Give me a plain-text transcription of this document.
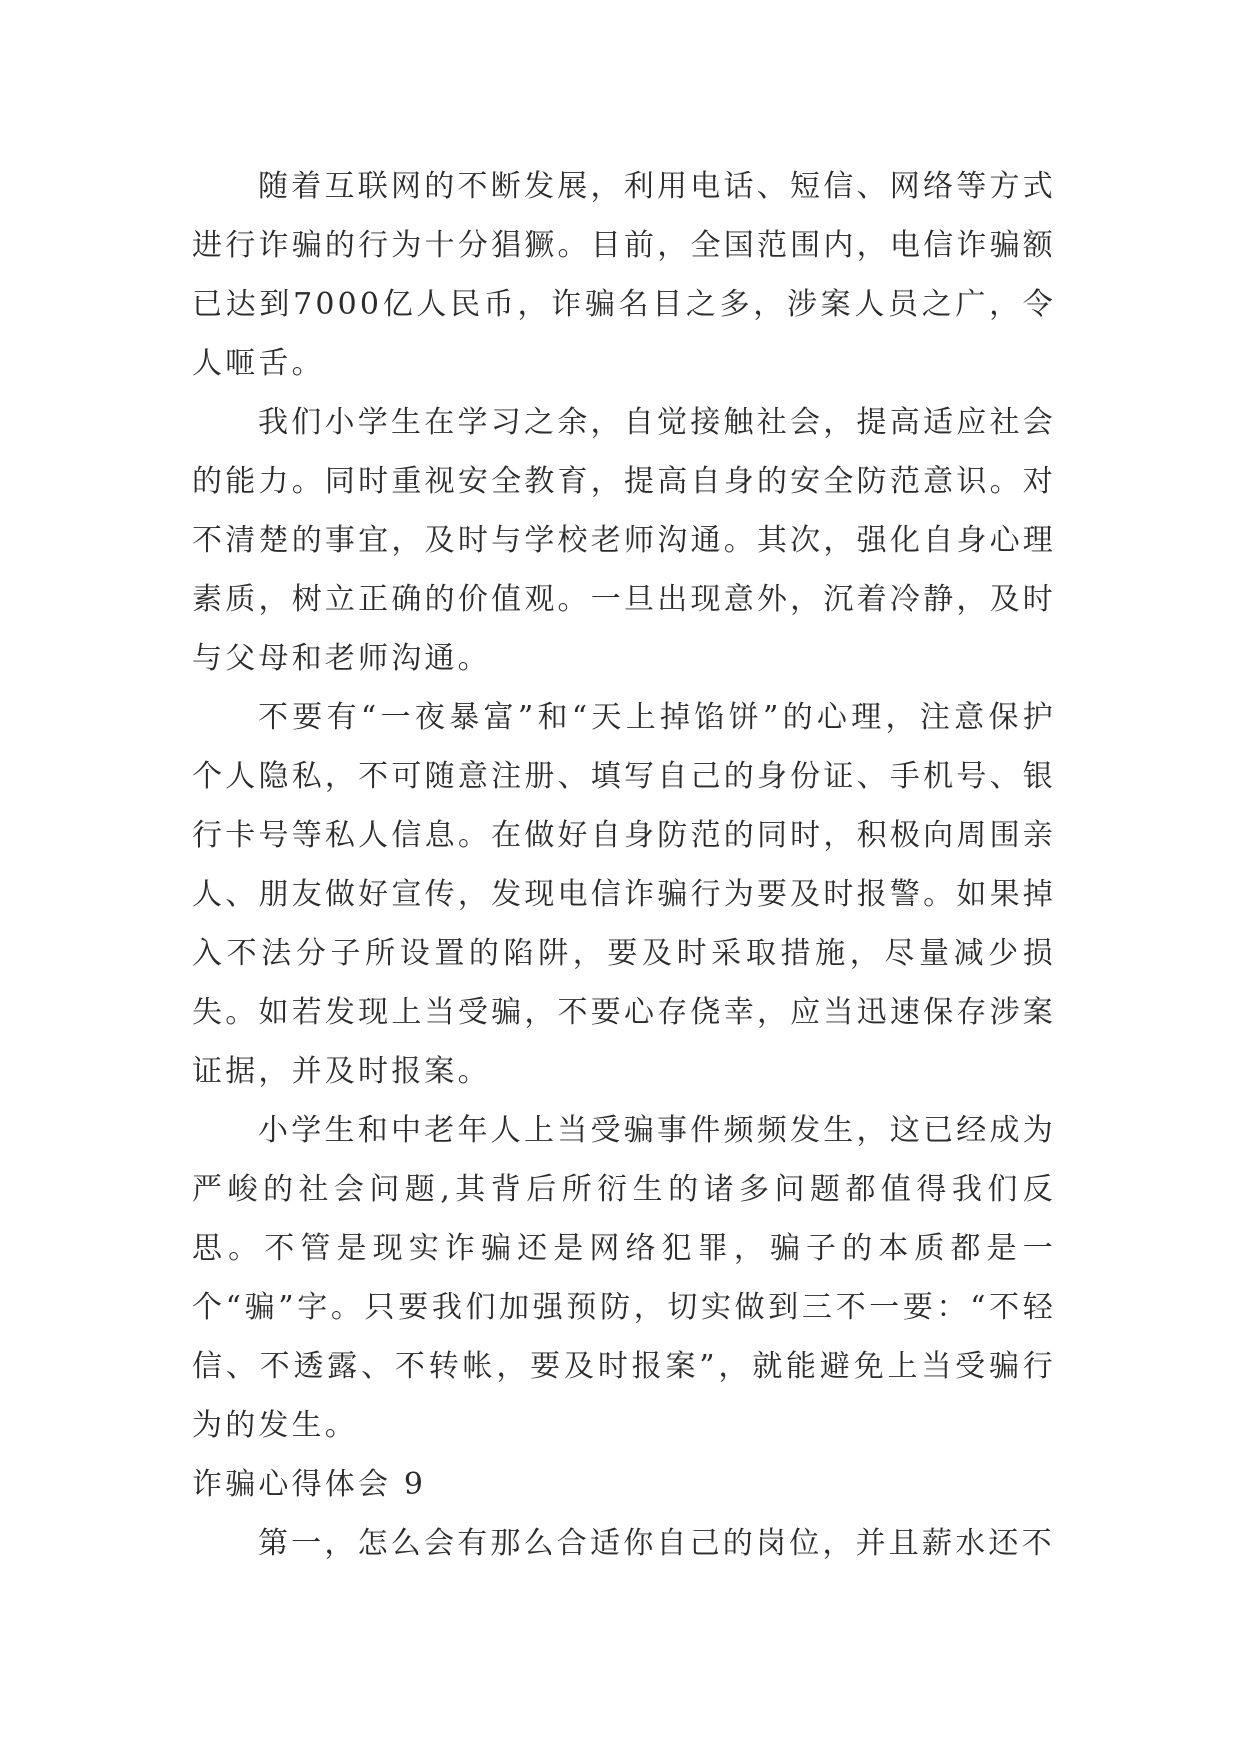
随着互联网的不断发展，利用电话、短信、网络等方式进行诈骗的行为十分猖獗。目前，全国范围内，电信诈骗额已达到7000亿人民币，诈骗名目之多，涉案人员之广，令人咂舌。

我们小学生在学习之余，自觉接触社会，提高适应社会的能力。同时重视安全教育，提高自身的安全防范意识。对不清楚的事宜，及时与学校老师沟通。其次，强化自身心理素质，树立正确的价值观。一旦出现意外，沉着冷静，及时与父母和老师沟通。

不要有“一夜暴富”和“天上掉馅饼”的心理，注意保护个人隐私，不可随意注册、填写自己的身份证、手机号、银行卡号等私人信息。在做好自身防范的同时，积极向周围亲人、朋友做好宣传，发现电信诈骗行为要及时报警。如果掉入不法分子所设置的陷阱，要及时采取措施，尽量减少损失。如若发现上当受骗，不要心存侥幸，应当迅速保存涉案证据，并及时报案。

小学生和中老年人上当受骗事件频频发生，这已经成为严峻的社会问题,其背后所衍生的诸多问题都值得我们反思。不管是现实诈骗还是网络犯罪，骗子的本质都是一个“骗”字。只要我们加强预防，切实做到三不一要：“不轻信、不透露、不转帐，要及时报案”，就能避免上当受骗行为的发生。

诈骗心得体会 9

第一，怎么会有那么合适你自己的岗位，并且薪水还不
